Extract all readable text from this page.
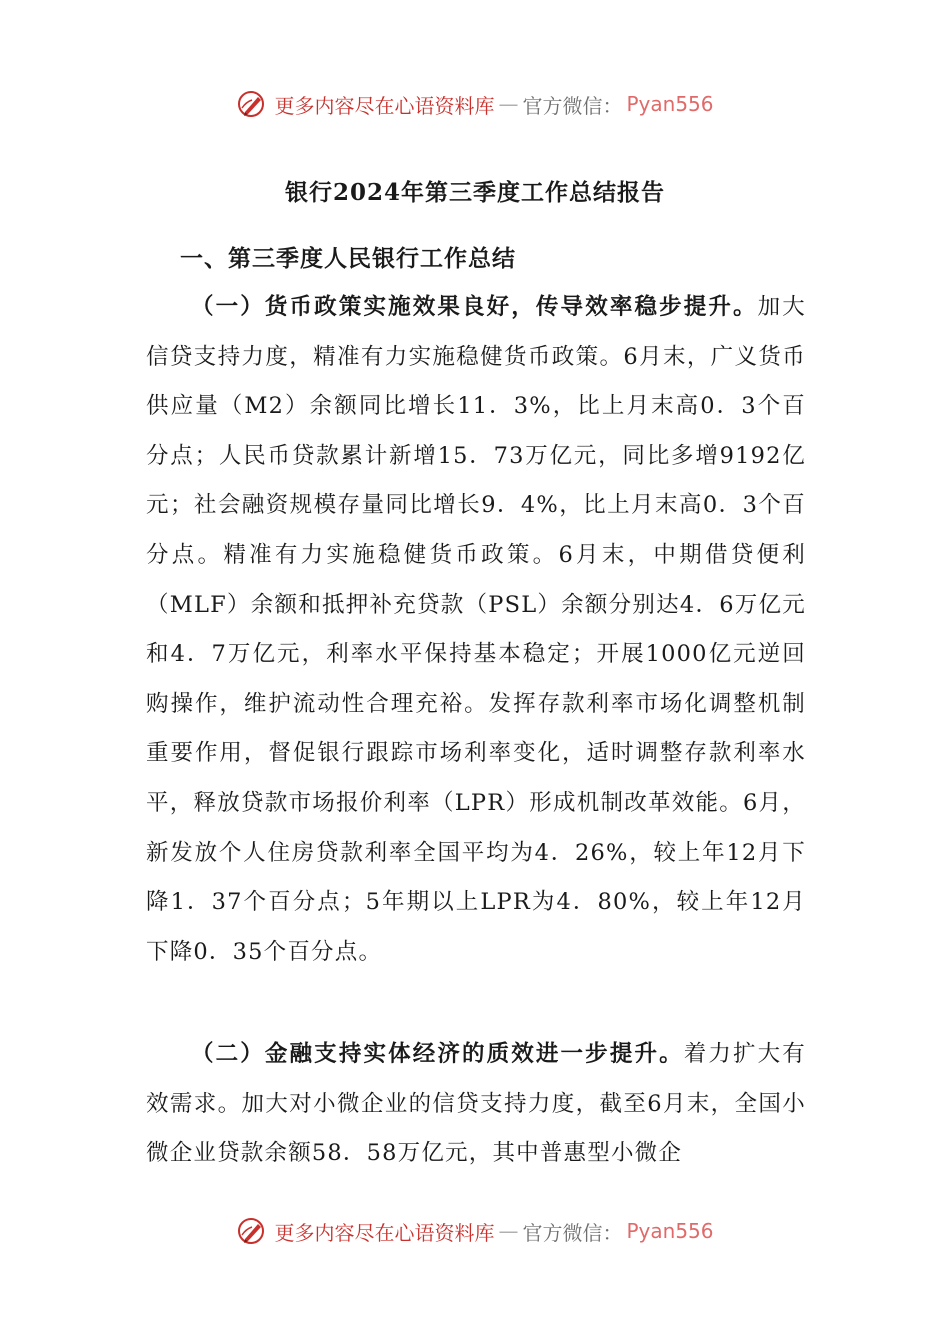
更多内容尽在心语资料库 — 官方微信： Pyan556
银行2024年第三季度工作总结报告
一、第三季度人民银行工作总结

（一）货币政策实施效果良好，传导效率稳步提升。加大信贷支持力度，精准有力实施稳健货币政策。6月末，广义货币供应量（M2）余额同比增长11．3%，比上月末高0．3个百分点；人民币贷款累计新增15．73万亿元，同比多增9192亿元；社会融资规模存量同比增长9．4%，比上月末高0．3个百分点。精准有力实施稳健货币政策。6月末，中期借贷便利（MLF）余额和抵押补充贷款（PSL）余额分别达4．6万亿元和4．7万亿元，利率水平保持基本稳定；开展1000亿元逆回购操作，维护流动性合理充裕。发挥存款利率市场化调整机制重要作用，督促银行跟踪市场利率变化，适时调整存款利率水平，释放贷款市场报价利率（LPR）形成机制改革效能。6月，新发放个人住房贷款利率全国平均为4．26%，较上年12月下降1．37个百分点；5年期以上LPR为4．80%，较上年12月下降0．35个百分点。

（二）金融支持实体经济的质效进一步提升。着力扩大有效需求。加大对小微企业的信贷支持力度，截至6月末，全国小微企业贷款余额58．58万亿元，其中普惠型小微企

更多内容尽在心语资料库 — 官方微信： Pyan556
